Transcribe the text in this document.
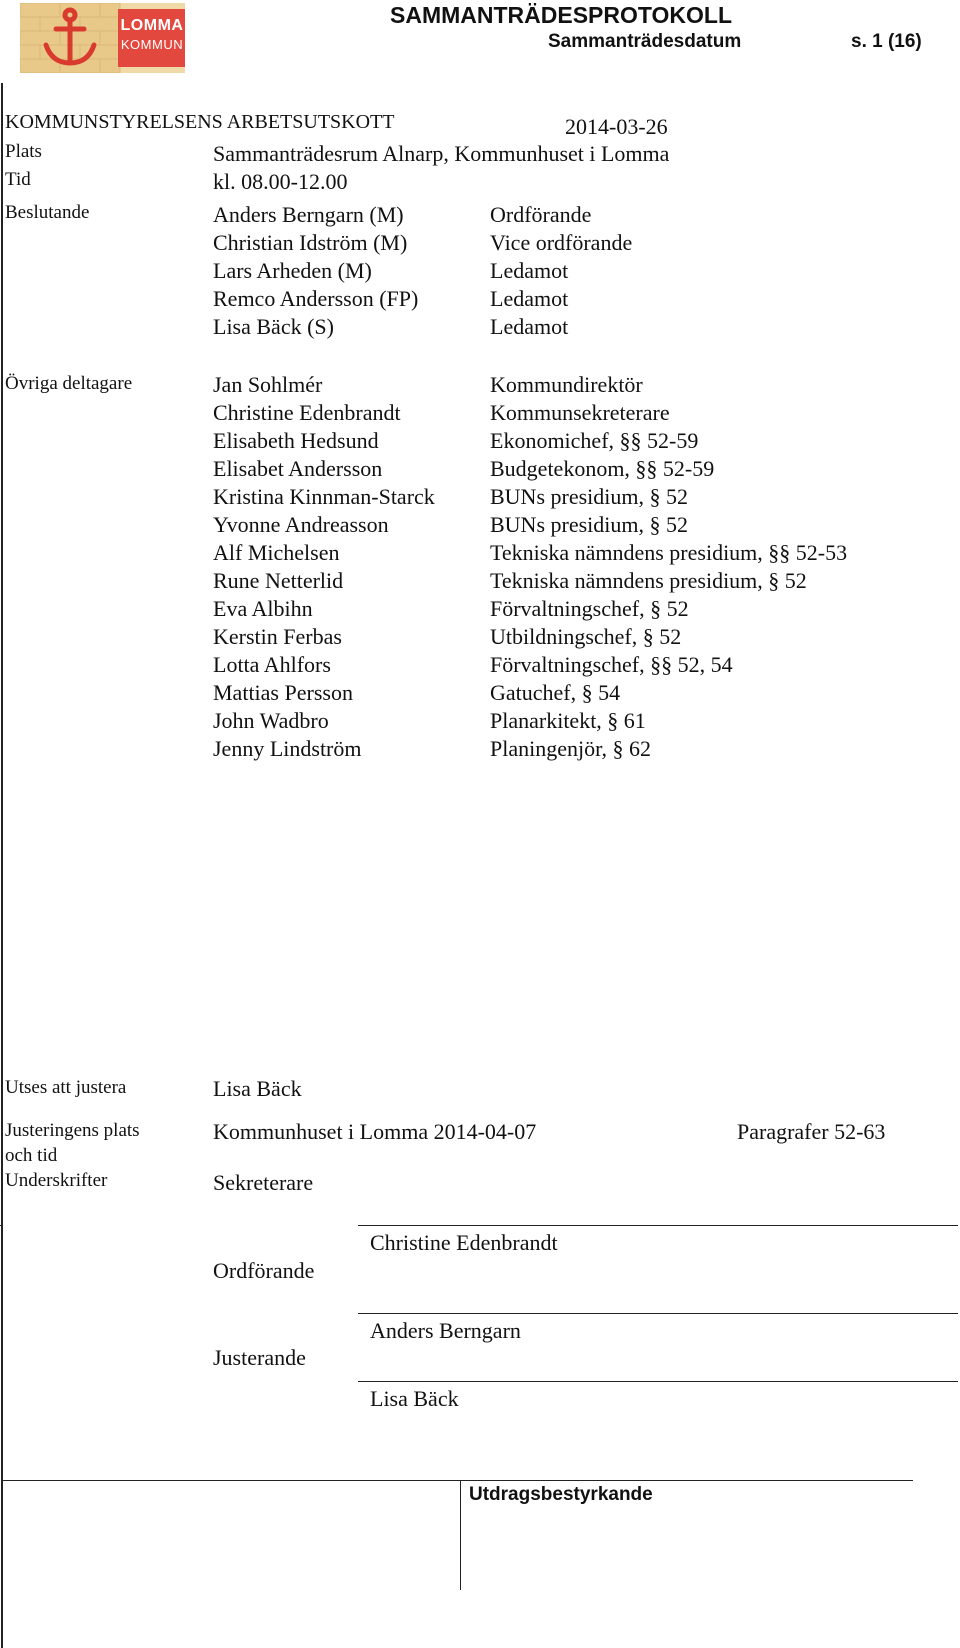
LOMMA
KOMMUN
SAMMANTRÄDESPROTOKOLL
Sammanträdesdatum	s. 1 (16)
KOMMUNSTYRELSENS ARBETSUTSKOTT	2014-03-26
Plats	Sammanträdesrum Alnarp, Kommunhuset i Lomma
Tid	kl. 08.00-12.00
Beslutande	Anders Berngarn (M)	Ordförande
Christian Idström (M)	Vice ordförande
Lars Arheden (M)	Ledamot
Remco Andersson (FP)	Ledamot
Lisa Bäck (S)	Ledamot
Övriga deltagare	Jan Sohlmér	Kommundirektör
Christine Edenbrandt	Kommunsekreterare
Elisabeth Hedsund	Ekonomichef, §§ 52-59
Elisabet Andersson	Budgetekonom, §§ 52-59
Kristina Kinnman-Starck	BUNs presidium, § 52
Yvonne Andreasson	BUNs presidium, § 52
Alf Michelsen	Tekniska nämndens presidium, §§ 52-53
Rune Netterlid	Tekniska nämndens presidium, § 52
Eva Albihn	Förvaltningschef, § 52
Kerstin Ferbas	Utbildningschef, § 52
Lotta Ahlfors	Förvaltningschef, §§ 52, 54
Mattias Persson	Gatuchef, § 54
John Wadbro	Planarkitekt, § 61
Jenny Lindström	Planingenjör, § 62
Utses att justera	Lisa Bäck
Justeringens plats
och tid
Kommunhuset i Lomma 2014-04-07	Paragrafer 52-63
Underskrifter	Sekreterare
Christine Edenbrandt
Ordförande
Anders Berngarn
Justerande
Lisa Bäck
Utdragsbestyrkande
